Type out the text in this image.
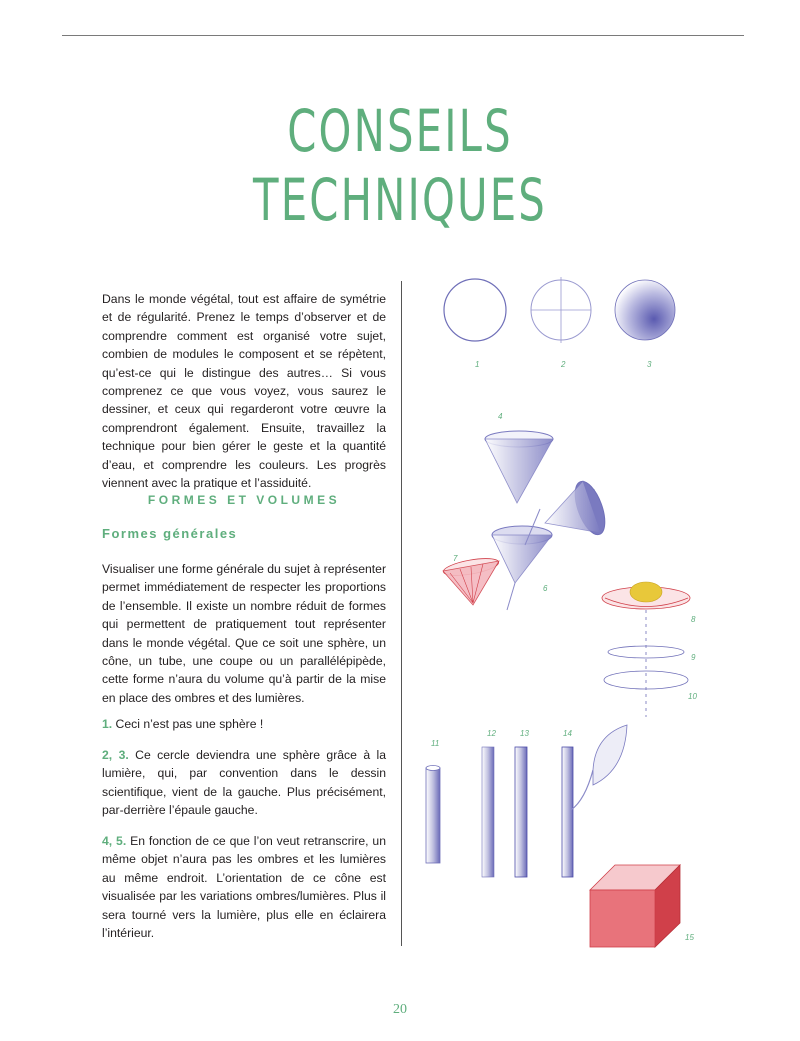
CONSEILS
TECHNIQUES

Dans le monde végétal, tout est affaire de symétrie et de régularité. Prenez le temps d’observer et de comprendre comment est organisé votre sujet, combien de modules le composent et se répètent, qu’est-ce qui le distingue des autres… Si vous comprenez ce que vous voyez, vous saurez le dessiner, et ceux qui regarderont votre œuvre la comprendront également. Ensuite, travaillez la technique pour bien gérer le geste et la quantité d’eau, et comprendre les couleurs. Les progrès viennent avec la pratique et l’assiduité.

FORMES ET VOLUMES
Formes générales

Visualiser une forme générale du sujet à représenter permet immédiatement de respecter les proportions de l’ensemble. Il existe un nombre réduit de formes qui permettent de pratiquement tout représenter dans le monde végétal. Que ce soit une sphère, un cône, un tube, une coupe ou un parallélépipède, cette forme n’aura du volume qu’à partir de la mise en place des ombres et des lumières.

1. Ceci n’est pas une sphère !

2, 3. Ce cercle deviendra une sphère grâce à la lumière, qui, par convention dans le dessin scientifique, vient de la gauche. Plus précisément, par-derrière l’épaule gauche.

4, 5. En fonction de ce que l’on veut retranscrire, un même objet n’aura pas les ombres et les lumières au même endroit. L’orientation de ce cône est visualisée par les variations ombres/lumières. Plus il sera tourné vers la lumière, plus elle en éclairera l’intérieur.

1	2	3
4
6
7
8
9
10
11
12	13	14
15
20
